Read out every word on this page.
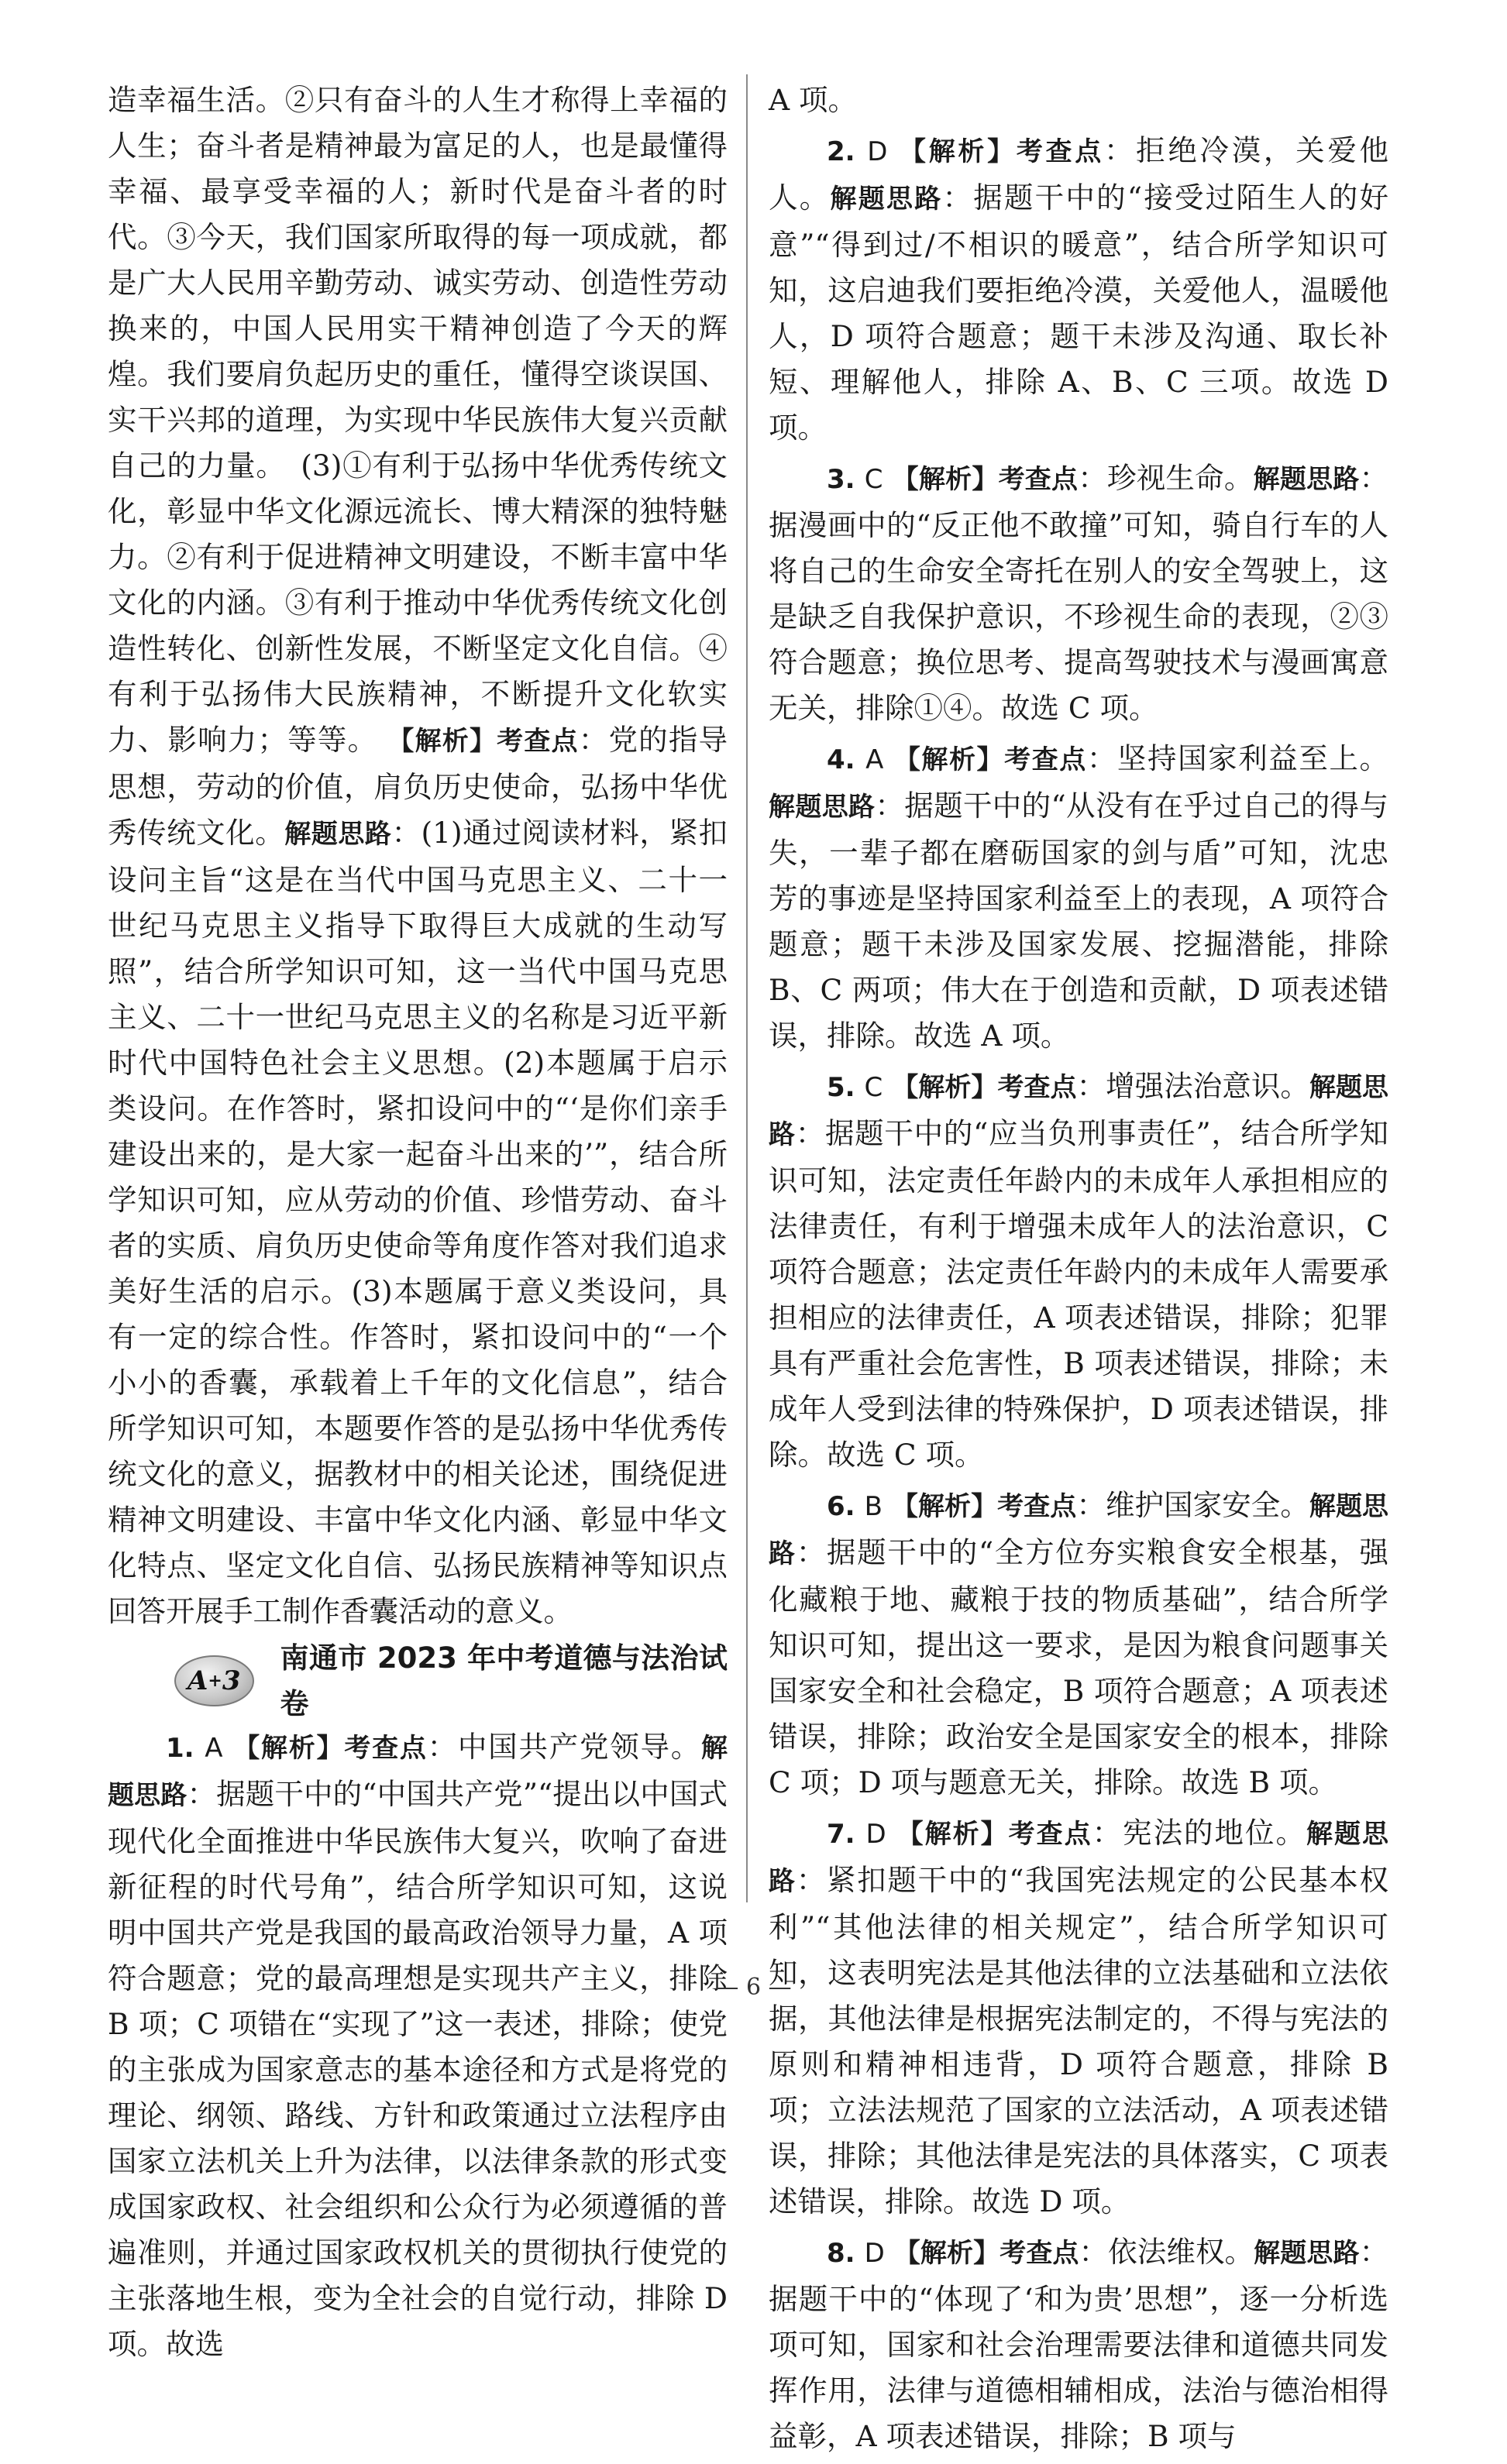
造幸福生活。②只有奋斗的人生才称得上幸福的人生；奋斗者是精神最为富足的人，也是最懂得幸福、最享受幸福的人；新时代是奋斗者的时代。③今天，我们国家所取得的每一项成就，都是广大人民用辛勤劳动、诚实劳动、创造性劳动换来的，中国人民用实干精神创造了今天的辉煌。我们要肩负起历史的重任，懂得空谈误国、实干兴邦的道理，为实现中华民族伟大复兴贡献自己的力量。　(3)①有利于弘扬中华优秀传统文化，彰显中华文化源远流长、博大精深的独特魅力。②有利于促进精神文明建设，不断丰富中华文化的内涵。③有利于推动中华优秀传统文化创造性转化、创新性发展，不断坚定文化自信。④有利于弘扬伟大民族精神，不断提升文化软实力、影响力；等等。 【解析】考查点：党的指导思想，劳动的价值，肩负历史使命，弘扬中华优秀传统文化。解题思路：(1)通过阅读材料，紧扣设问主旨“这是在当代中国马克思主义、二十一世纪马克思主义指导下取得巨大成就的生动写照”，结合所学知识可知，这一当代中国马克思主义、二十一世纪马克思主义的名称是习近平新时代中国特色社会主义思想。(2)本题属于启示类设问。在作答时，紧扣设问中的“‘是你们亲手建设出来的，是大家一起奋斗出来的’”，结合所学知识可知，应从劳动的价值、珍惜劳动、奋斗者的实质、肩负历史使命等角度作答对我们追求美好生活的启示。(3)本题属于意义类设问，具有一定的综合性。作答时，紧扣设问中的“一个小小的香囊，承载着上千年的文化信息”，结合所学知识可知，本题要作答的是弘扬中华优秀传统文化的意义，据教材中的相关论述，围绕促进精神文明建设、丰富中华文化内涵、彰显中华文化特点、坚定文化自信、弘扬民族精神等知识点回答开展手工制作香囊活动的意义。

A + 3
南通市 2023 年中考道德与法治试卷

1. A 【解析】考查点：中国共产党领导。解题思路：据题干中的“中国共产党”“提出以中国式现代化全面推进中华民族伟大复兴，吹响了奋进新征程的时代号角”，结合所学知识可知，这说明中国共产党是我国的最高政治领导力量，A 项符合题意；党的最高理想是实现共产主义，排除 B 项；C 项错在“实现了”这一表述，排除；使党的主张成为国家意志的基本途径和方式是将党的理论、纲领、路线、方针和政策通过立法程序由国家立法机关上升为法律，以法律条款的形式变成国家政权、社会组织和公众行为必须遵循的普遍准则，并通过国家政权机关的贯彻执行使党的主张落地生根，变为全社会的自觉行动，排除 D 项。故选

A 项。

2. D 【解析】考查点：拒绝冷漠，关爱他人。解题思路：据题干中的“接受过陌生人的好意”“得到过/不相识的暖意”，结合所学知识可知，这启迪我们要拒绝冷漠，关爱他人，温暖他人，D 项符合题意；题干未涉及沟通、取长补短、理解他人，排除 A、B、C 三项。故选 D 项。

3. C 【解析】考查点：珍视生命。解题思路：据漫画中的“反正他不敢撞”可知，骑自行车的人将自己的生命安全寄托在别人的安全驾驶上，这是缺乏自我保护意识，不珍视生命的表现，②③符合题意；换位思考、提高驾驶技术与漫画寓意无关，排除①④。故选 C 项。

4. A 【解析】考查点：坚持国家利益至上。解题思路：据题干中的“从没有在乎过自己的得与失，一辈子都在磨砺国家的剑与盾”可知，沈忠芳的事迹是坚持国家利益至上的表现，A 项符合题意；题干未涉及国家发展、挖掘潜能，排除 B、C 两项；伟大在于创造和贡献，D 项表述错误，排除。故选 A 项。

5. C 【解析】考查点：增强法治意识。解题思路：据题干中的“应当负刑事责任”，结合所学知识可知，法定责任年龄内的未成年人承担相应的法律责任，有利于增强未成年人的法治意识，C 项符合题意；法定责任年龄内的未成年人需要承担相应的法律责任，A 项表述错误，排除；犯罪具有严重社会危害性，B 项表述错误，排除；未成年人受到法律的特殊保护，D 项表述错误，排除。故选 C 项。

6. B 【解析】考查点：维护国家安全。解题思路：据题干中的“全方位夯实粮食安全根基，强化藏粮于地、藏粮于技的物质基础”，结合所学知识可知，提出这一要求，是因为粮食问题事关国家安全和社会稳定，B 项符合题意；A 项表述错误，排除；政治安全是国家安全的根本，排除 C 项；D 项与题意无关，排除。故选 B 项。

7. D 【解析】考查点：宪法的地位。解题思路：紧扣题干中的“我国宪法规定的公民基本权利”“其他法律的相关规定”，结合所学知识可知，这表明宪法是其他法律的立法基础和立法依据，其他法律是根据宪法制定的，不得与宪法的原则和精神相违背，D 项符合题意，排除 B 项；立法法规范了国家的立法活动，A 项表述错误，排除；其他法律是宪法的具体落实，C 项表述错误，排除。故选 D 项。

8. D 【解析】考查点：依法维权。解题思路：据题干中的“体现了‘和为贵’思想”，逐一分析选项可知，国家和社会治理需要法律和道德共同发挥作用，法律与道德相辅相成，法治与德治相得益彰，A 项表述错误，排除；B 项与

— 6 —
